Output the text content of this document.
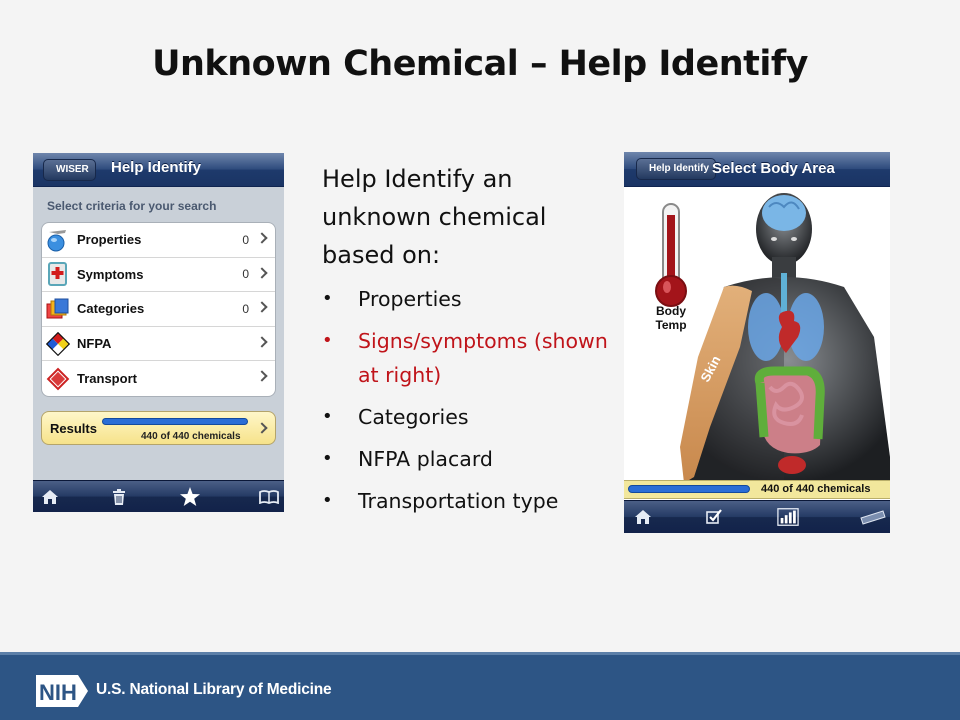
Unknown Chemical – Help Identify
WISER	Help Identify
Select criteria for your search
Properties	0
Symptoms	0
Categories	0
NFPA
Transport
Results
440 of 440 chemicals
Help Identify an unknown chemical based on:
• Properties
• Signs/symptoms (shown at right)
• Categories
• NFPA placard
• Transportation type
Help Identify Select Body Area
Skin
Body
Temp
440 of 440 chemicals
NIH U.S. National Library of Medicine
